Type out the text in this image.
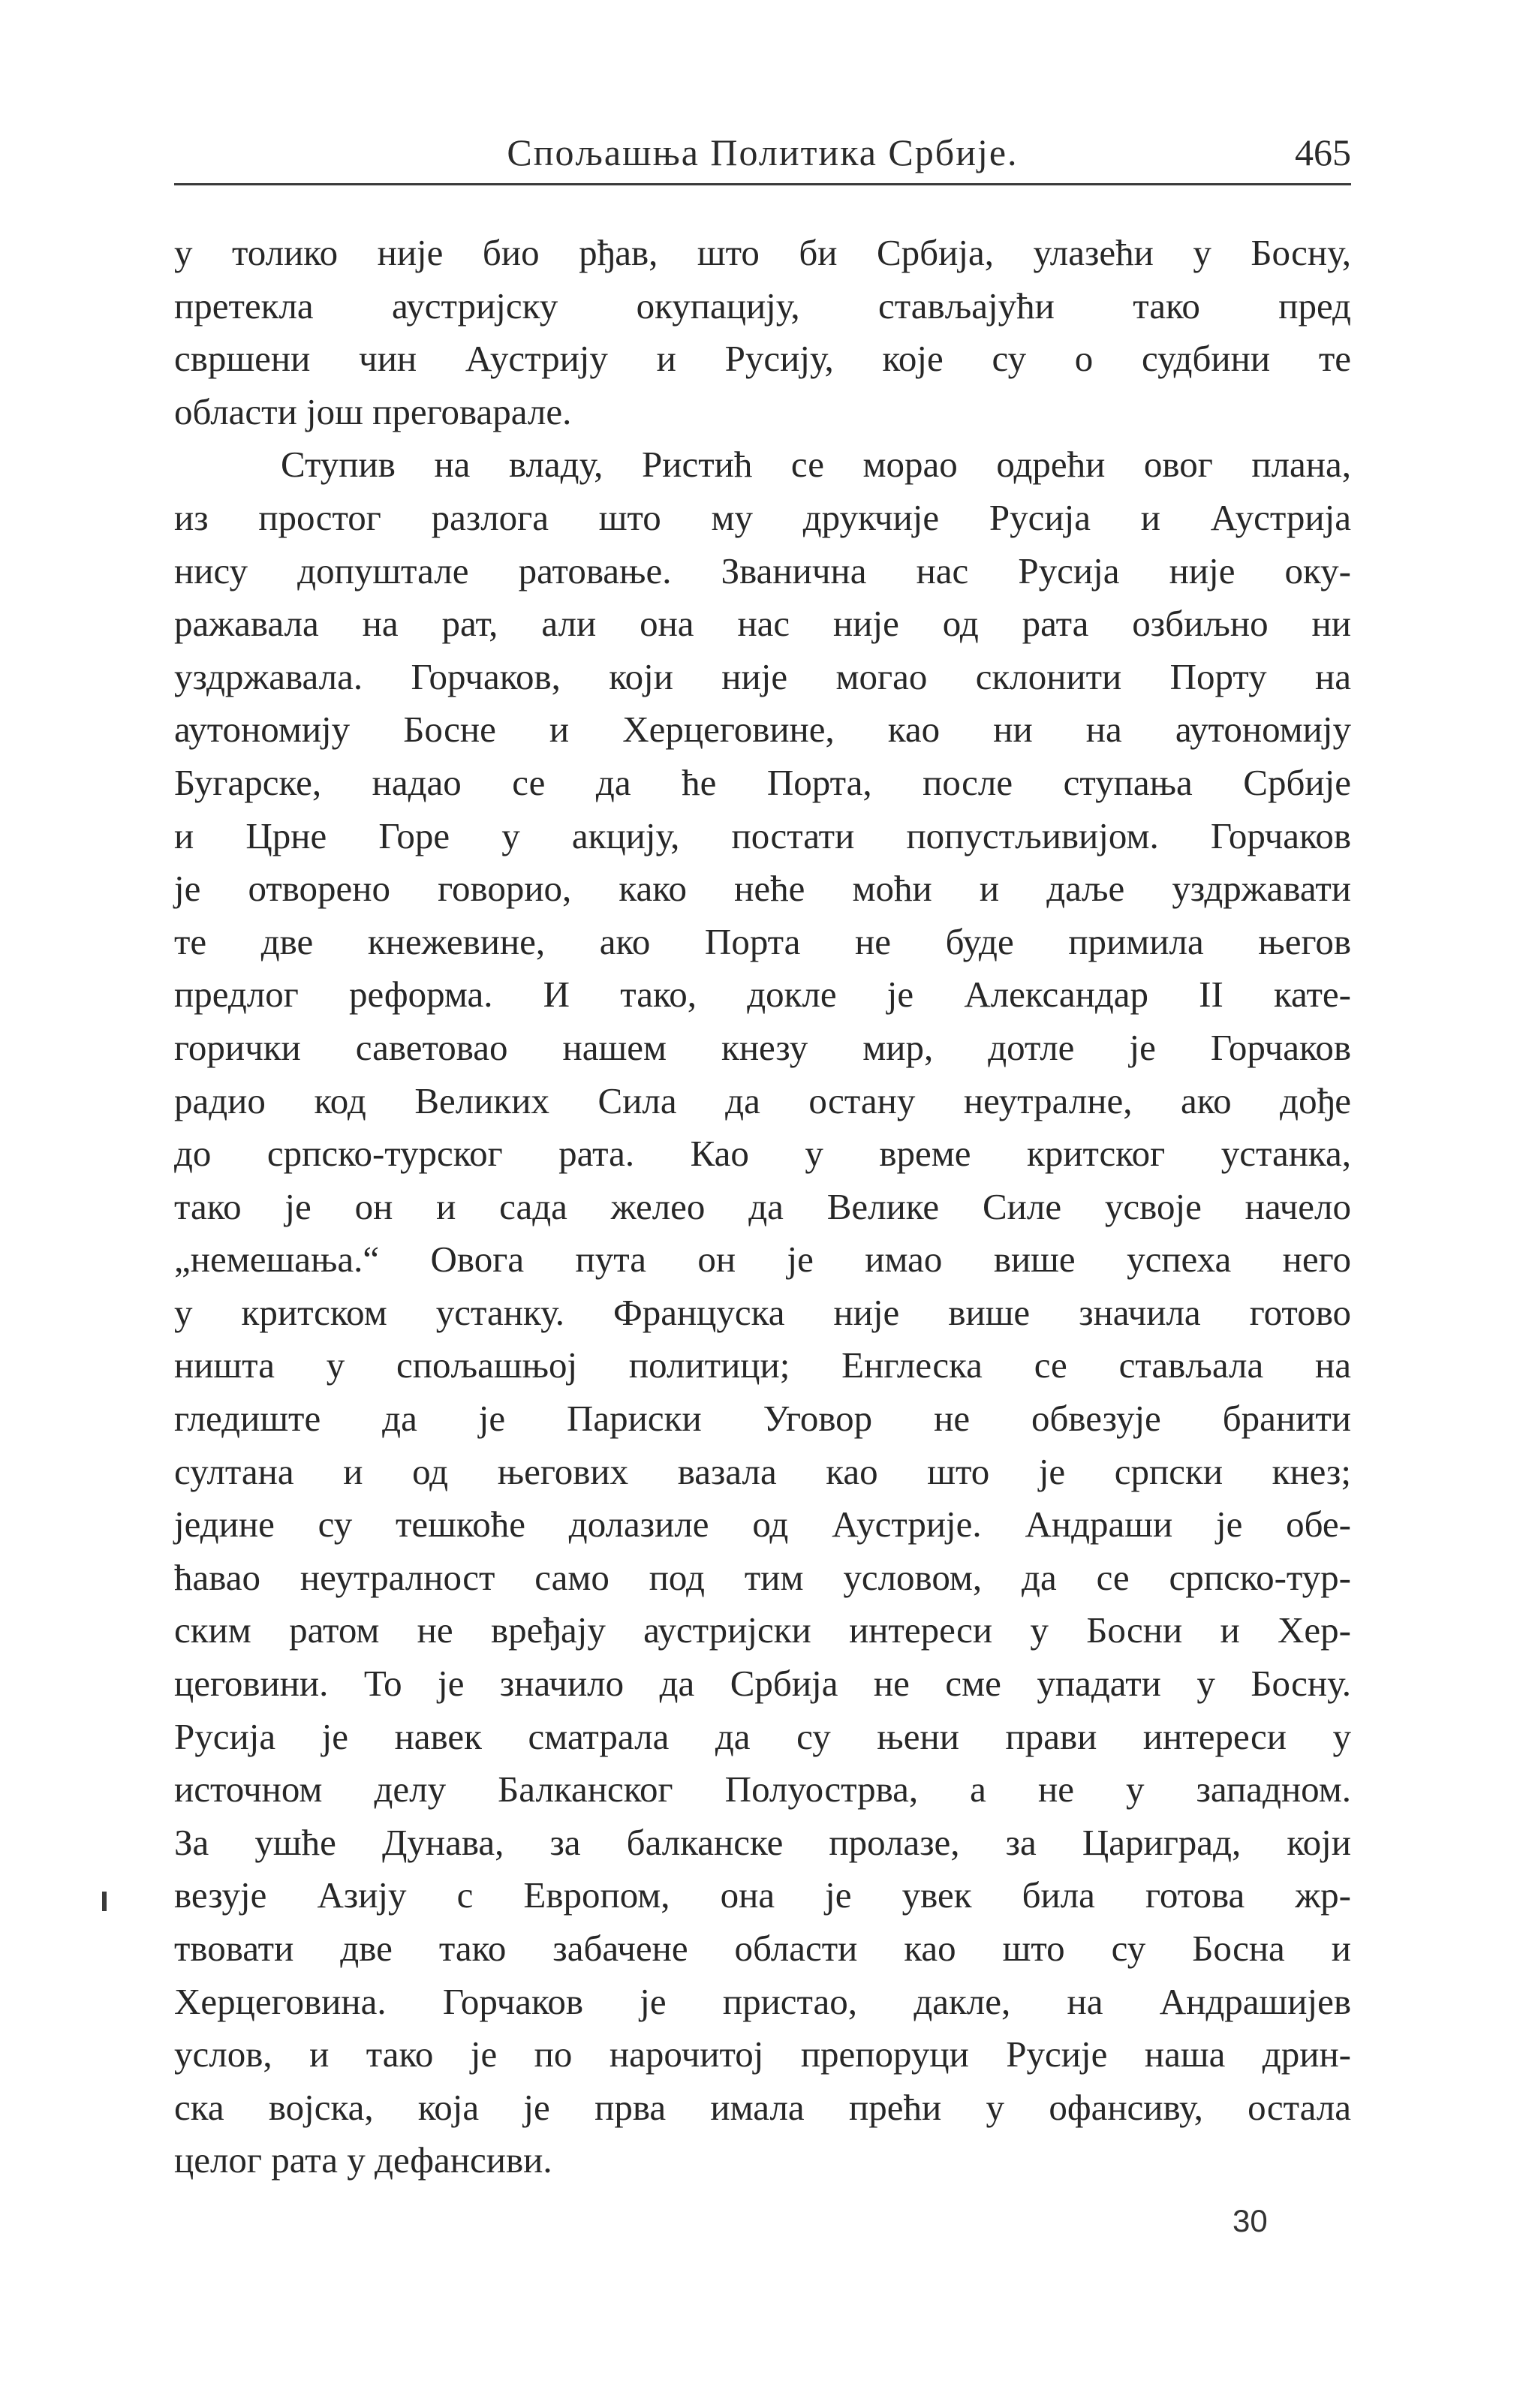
Спољашња Политика Србије.	465
у толико није био рђав, што би Србија, улазећи у Босну,
претекла аустријску окупацију, стављајући тако пред
свршени чин Аустрију и Русију, које су о судбини те
области још преговарале.
Ступив на владу, Ристић се морао одрећи овог плана,
из простог разлога што му друкчије Русија и Аустрија
нису допуштале ратовање. Званична нас Русија није оку-
ражавала на рат, али она нас није од рата озбиљно ни
уздржавала. Горчаков, који није могао склонити Порту на
аутономију Босне и Херцеговине, као ни на аутономију
Бугарске, надао се да ће Порта, после ступања Србије
и Црне Горе у акцију, постати попустљивијом. Горчаков
је отворено говорио, како неће моћи и даље уздржавати
те две кнежевине, ако Порта не буде примила његов
предлог реформа. И тако, докле је Александар II кате-
горички саветовао нашем кнезу мир, дотле је Горчаков
радио код Великих Сила да остану неутралне, ако дође
до српско-турског рата. Као у време критског устанка,
тако је он и сада желео да Велике Силе усвоје начело
„немешања.“ Овога пута он је имао више успеха него
у критском устанку. Француска није више значила готово
ништа у спољашњој политици; Енглеска се стављала на
гледиште да је Париски Уговор не обвезује бранити
султана и од његових вазала као што је српски кнез;
једине су тешкоће долазиле од Аустрије. Андраши је обе-
ћавао неутралност само под тим условом, да се српско-тур-
ским ратом не вређају аустријски интереси у Босни и Хер-
цеговини. То је значило да Србија не сме упадати у Босну.
Русија је навек сматрала да су њени прави интереси у
источном делу Балканског Полуострва, а не у западном.
За ушће Дунава, за балканске пролазе, за Цариград, који
везује Азију с Европом, она је увек била готова жр-
твовати две тако забачене области као што су Босна и
Херцеговина. Горчаков је пристао, дакле, на Андрашијев
услов, и тако је по нарочитој препоруци Русије наша дрин-
ска војска, која је прва имала прећи у офансиву, остала
целог рата у дефансиви.
30
